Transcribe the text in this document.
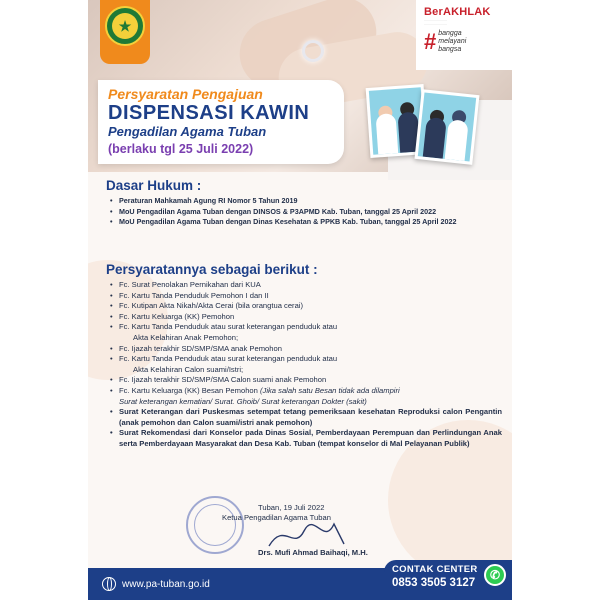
★
BerAKHLAK
·······················
·······················
# bangga
melayani
bangsa
Persyaratan Pengajuan
DISPENSASI KAWIN
Pengadilan Agama Tuban
(berlaku tgl 25 Juli 2022)
Dasar Hukum :
• Peraturan Mahkamah Agung RI Nomor 5 Tahun 2019
• MoU Pengadilan Agama Tuban dengan DINSOS & P3APMD Kab. Tuban, tanggal 25 April 2022
• MoU Pengadilan Agama Tuban dengan Dinas Kesehatan & PPKB Kab. Tuban, tanggal 25 April 2022
Persyaratannya sebagai berikut :
• Fc. Surat Penolakan Pernikahan dari KUA
• Fc. Kartu Tanda Penduduk Pemohon I dan II
• Fc. Kutipan Akta Nikah/Akta Cerai (bila orangtua cerai)
• Fc. Kartu Keluarga (KK) Pemohon
• Fc. Kartu Tanda Penduduk atau surat keterangan penduduk atau
Akta Kelahiran Anak Pemohon;
• Fc. Ijazah terakhir SD/SMP/SMA anak Pemohon
• Fc. Kartu Tanda Penduduk atau surat keterangan penduduk atau
Akta Kelahiran Calon suami/Istri;
• Fc. Ijazah terakhir SD/SMP/SMA Calon suami anak Pemohon
• Fc. Kartu Keluarga (KK) Besan Pemohon (Jika salah satu Besan tidak ada dilampiri
Surat keterangan kematian/ Surat. Ghoib/ Surat keterangan Dokter (sakit)
• Surat Keterangan dari Puskesmas setempat tetang pemeriksaan kesehatan Reproduksi calon Pengantin (anak pemohon dan Calon suami/istri anak pemohon)
• Surat Rekomendasi dari Konselor pada Dinas Sosial, Pemberdayaan Perempuan dan Perlindungan Anak serta Pemberdayaan Masyarakat dan Desa Kab. Tuban (tempat konselor di Mal Pelayanan Publik)
Tuban, 19 Juli 2022
Ketua Pengadilan Agama Tuban
Drs. Mufi Ahmad Baihaqi, M.H.
www.pa-tuban.go.id
CONTAK CENTER
0853 3505 3127
✆
